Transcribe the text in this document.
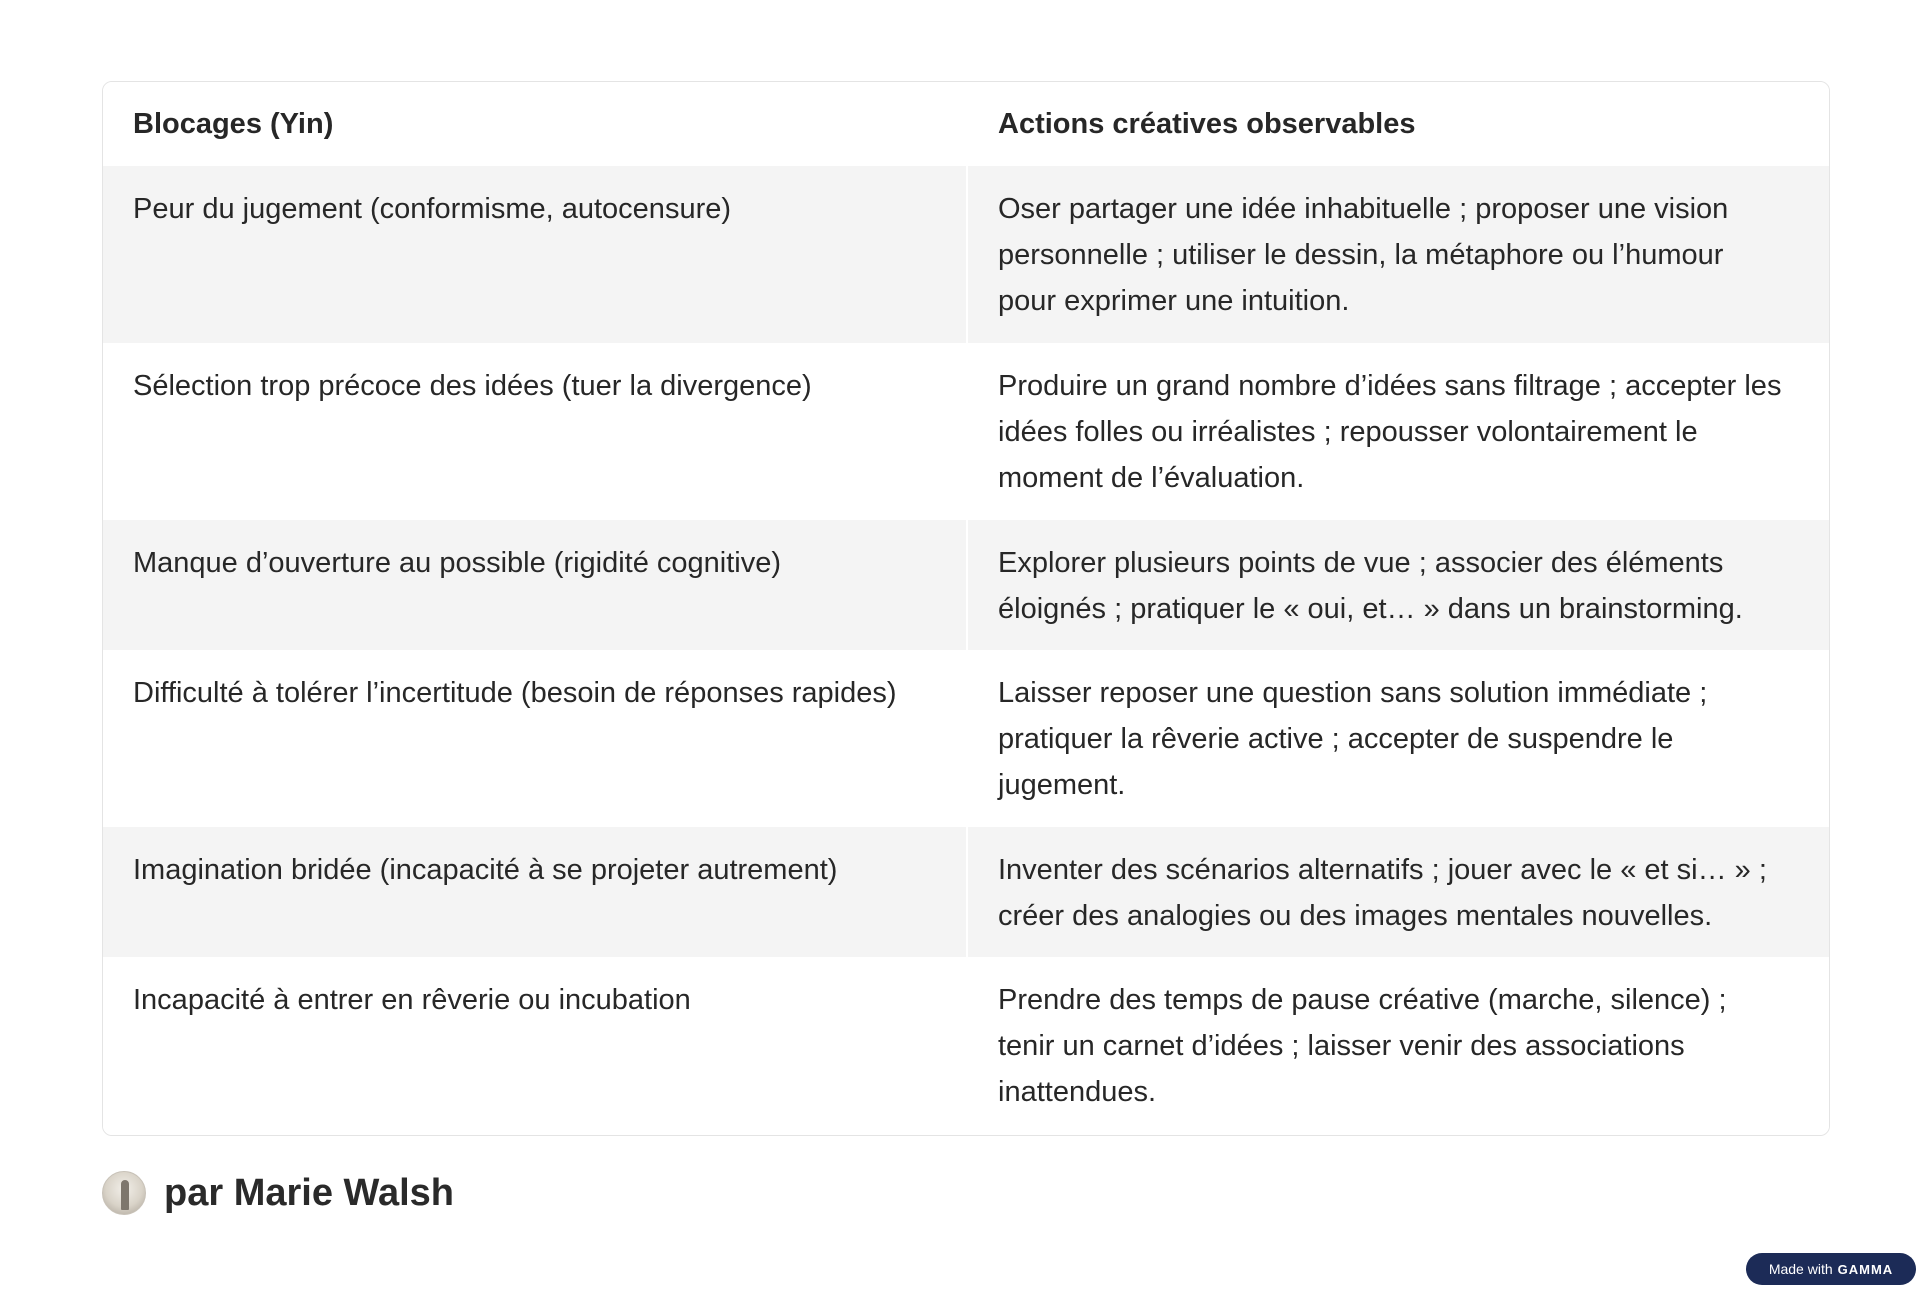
Blocages (Yin)	Actions créatives observables
Peur du jugement (conformisme, autocensure)	Oser partager une idée inhabituelle ; proposer une vision
personnelle ; utiliser le dessin, la métaphore ou l’humour
pour exprimer une intuition.
Sélection trop précoce des idées (tuer la divergence)	Produire un grand nombre d’idées sans filtrage ; accepter les
idées folles ou irréalistes ; repousser volontairement le
moment de l’évaluation.
Manque d’ouverture au possible (rigidité cognitive)	Explorer plusieurs points de vue ; associer des éléments
éloignés ; pratiquer le « oui, et… » dans un brainstorming.
Difficulté à tolérer l’incertitude (besoin de réponses rapides)	Laisser reposer une question sans solution immédiate ;
pratiquer la rêverie active ; accepter de suspendre le
jugement.
Imagination bridée (incapacité à se projeter autrement)	Inventer des scénarios alternatifs ; jouer avec le « et si… » ;
créer des analogies ou des images mentales nouvelles.
Incapacité à entrer en rêverie ou incubation	Prendre des temps de pause créative (marche, silence) ;
tenir un carnet d’idées ; laisser venir des associations
inattendues.
par Marie Walsh
Made with GAMMA
